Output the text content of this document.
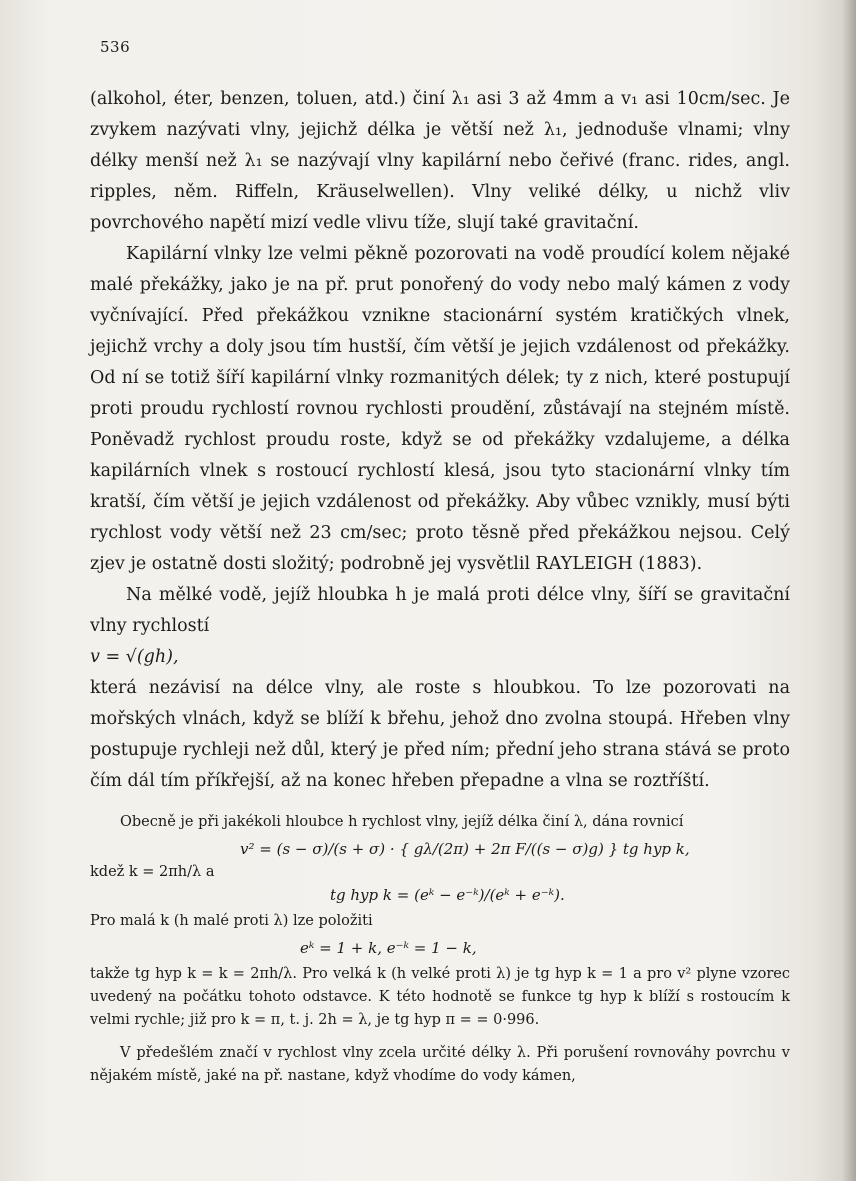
536

(alkohol, éter, benzen, toluen, atd.) činí λ₁ asi 3 až 4mm a v₁ asi 10cm/sec. Je zvykem nazývati vlny, jejichž délka je větší než λ₁, jednoduše vlnami; vlny délky menší než λ₁ se nazývají vlny kapilární nebo čeřivé (franc. rides, angl. ripples, něm. Riffeln, Kräuselwellen). Vlny veliké délky, u nichž vliv povrchového napětí mizí vedle vlivu tíže, slují také gravitační.

Kapilární vlnky lze velmi pěkně pozorovati na vodě proudící kolem nějaké malé překážky, jako je na př. prut ponořený do vody nebo malý kámen z vody vyčnívající. Před překážkou vznikne stacionární systém kratičkých vlnek, jejichž vrchy a doly jsou tím hustší, čím větší je jejich vzdálenost od překážky. Od ní se totiž šíří kapilární vlnky rozmanitých délek; ty z nich, které postupují proti proudu rychlostí rovnou rychlosti proudění, zůstávají na stejném místě. Poněvadž rychlost proudu roste, když se od překážky vzdalujeme, a délka kapilárních vlnek s rostoucí rychlostí klesá, jsou tyto stacionární vlnky tím kratší, čím větší je jejich vzdálenost od překážky. Aby vůbec vznikly, musí býti rychlost vody větší než 23 cm/sec; proto těsně před překážkou nejsou. Celý zjev je ostatně dosti složitý; podrobně jej vysvětlil RAYLEIGH (1883).

Na mělké vodě, jejíž hloubka h je malá proti délce vlny, šíří se gravitační vlny rychlostí

v = √(gh),

která nezávisí na délce vlny, ale roste s hloubkou. To lze pozorovati na mořských vlnách, když se blíží k břehu, jehož dno zvolna stoupá. Hřeben vlny postupuje rychleji než důl, který je před ním; přední jeho strana stává se proto čím dál tím příkřejší, až na konec hřeben přepadne a vlna se roztříští.

Obecně je při jakékoli hloubce h rychlost vlny, jejíž délka činí λ, dána rovnicí

v² = (s − σ)/(s + σ) · { gλ/(2π) + 2π F/((s − σ)g) } tg hyp k,
kdež k = 2πh/λ a
tg hyp k = (eᵏ − e⁻ᵏ)/(eᵏ + e⁻ᵏ).

Pro malá k (h malé proti λ) lze položiti

eᵏ = 1 + k, e⁻ᵏ = 1 − k,

takže tg hyp k = k = 2πh/λ. Pro velká k (h velké proti λ) je tg hyp k = 1 a pro v² plyne vzorec uvedený na počátku tohoto odstavce. K této hodnotě se funkce tg hyp k blíží s rostoucím k velmi rychle; již pro k = π, t. j. 2h = λ, je tg hyp π = = 0·996.

V předešlém značí v rychlost vlny zcela určité délky λ. Při porušení rovnováhy povrchu v nějakém místě, jaké na př. nastane, když vhodíme do vody kámen,
